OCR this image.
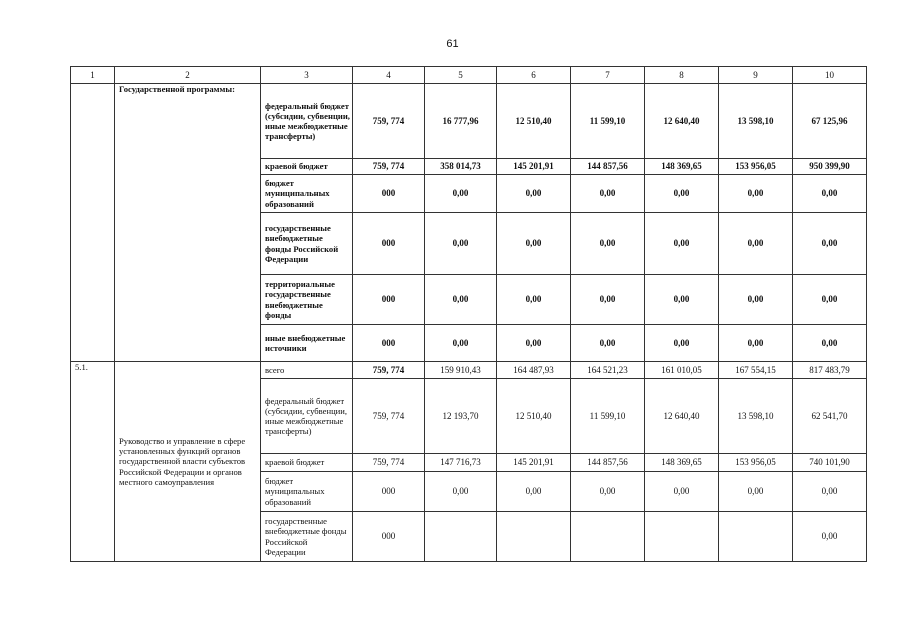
61
1	2	3	4	5	6	7	8	9	10
	Государственной программы:	федеральный бюджет (субсидии, субвенции, иные межбюджетные трансферты)	759, 774	16 777,96	12 510,40	11 599,10	12 640,40	13 598,10	67 125,96
		краевой бюджет	759, 774	358 014,73	145 201,91	144 857,56	148 369,65	153 956,05	950 399,90
		бюджет муниципальных образований	000	0,00	0,00	0,00	0,00	0,00	0,00
		государственные внебюджетные фонды Российской Федерации	000	0,00	0,00	0,00	0,00	0,00	0,00
		территориальные государственные внебюджетные фонды	000	0,00	0,00	0,00	0,00	0,00	0,00
		иные внебюджетные источники	000	0,00	0,00	0,00	0,00	0,00	0,00
5.1.	Руководство и управление в сфере установленных функций органов государственной власти субъектов Российской Федерации и органов местного самоуправления	всего	759, 774	159 910,43	164 487,93	164 521,23	161 010,05	167 554,15	817 483,79
		федеральный бюджет (субсидии, субвенции, иные межбюджетные трансферты)	759, 774	12 193,70	12 510,40	11 599,10	12 640,40	13 598,10	62 541,70
		краевой бюджет	759, 774	147 716,73	145 201,91	144 857,56	148 369,65	153 956,05	740 101,90
		бюджет муниципальных образований	000	0,00	0,00	0,00	0,00	0,00	0,00
		государственные внебюджетные фонды Российской Федерации	000						0,00
